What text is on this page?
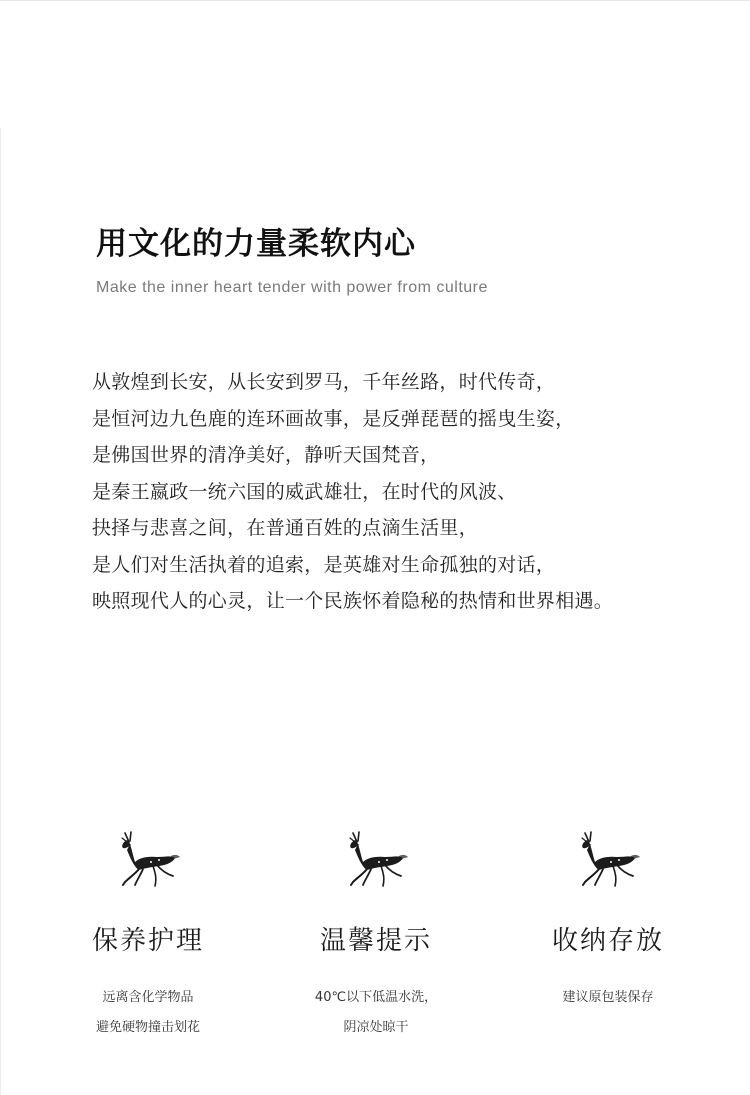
用文化的力量柔软内心
Make the inner heart tender with power from culture
从敦煌到长安，从长安到罗马，千年丝路，时代传奇，
是恒河边九色鹿的连环画故事，是反弹琵琶的摇曳生姿，
是佛国世界的清净美好，静听天国梵音，
是秦王嬴政一统六国的威武雄壮，在时代的风波、
抉择与悲喜之间，在普通百姓的点滴生活里，
是人们对生活执着的追索，是英雄对生命孤独的对话，
映照现代人的心灵，让一个民族怀着隐秘的热情和世界相遇。
保养护理
远离含化学物品
避免硬物撞击划花
温馨提示
40℃以下低温水洗，
阴凉处晾干
收纳存放
建议原包装保存
